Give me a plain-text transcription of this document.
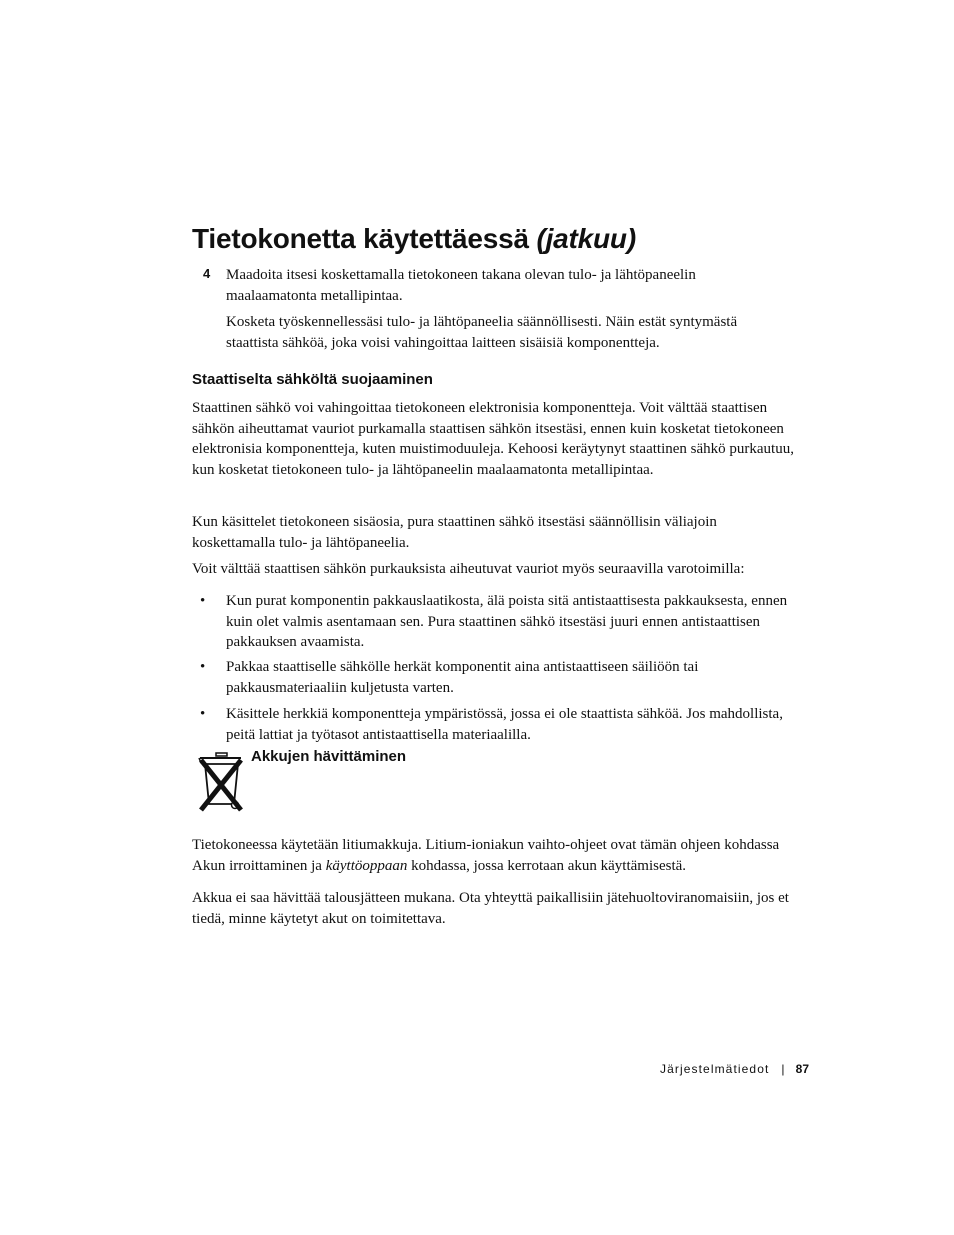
Tietokonetta käytettäessä (jatkuu)
4 Maadoita itsesi koskettamalla tietokoneen takana olevan tulo- ja lähtöpaneelin maalaamatonta metallipintaa.

Kosketa työskennellessäsi tulo- ja lähtöpaneelia säännöllisesti. Näin estät syntymästä staattista sähköä, joka voisi vahingoittaa laitteen sisäisiä komponentteja.

Staattiselta sähköltä suojaaminen

Staattinen sähkö voi vahingoittaa tietokoneen elektronisia komponentteja. Voit välttää staattisen sähkön aiheuttamat vauriot purkamalla staattisen sähkön itsestäsi, ennen kuin kosketat tietokoneen elektronisia komponentteja, kuten muistimoduuleja. Kehoosi keräytynyt staattinen sähkö purkautuu, kun kosketat tietokoneen tulo- ja lähtöpaneelin maalaamatonta metallipintaa.

Kun käsittelet tietokoneen sisäosia, pura staattinen sähkö itsestäsi säännöllisin väliajoin koskettamalla tulo- ja lähtöpaneelia.

Voit välttää staattisen sähkön purkauksista aiheutuvat vauriot myös seuraavilla varotoimilla:

• Kun purat komponentin pakkauslaatikosta, älä poista sitä antistaattisesta pakkauksesta, ennen kuin olet valmis asentamaan sen. Pura staattinen sähkö itsestäsi juuri ennen antistaattisen pakkauksen avaamista.

• Pakkaa staattiselle sähkölle herkät komponentit aina antistaattiseen säiliöön tai pakkausmateriaaliin kuljetusta varten.

• Käsittele herkkiä komponentteja ympäristössä, jossa ei ole staattista sähköä. Jos mahdollista, peitä lattiat ja työtasot antistaattisella materiaalilla.

Akkujen hävittäminen

Tietokoneessa käytetään litiumakkuja. Litium-ioniakun vaihto-ohjeet ovat tämän ohjeen kohdassa Akun irroittaminen ja käyttöoppaan kohdassa, jossa kerrotaan akun käyttämisestä.

Akkua ei saa hävittää talousjätteen mukana. Ota yhteyttä paikallisiin jätehuoltoviranomaisiin, jos et tiedä, minne käytetyt akut on toimitettava.

Järjestelmätiedot | 87
